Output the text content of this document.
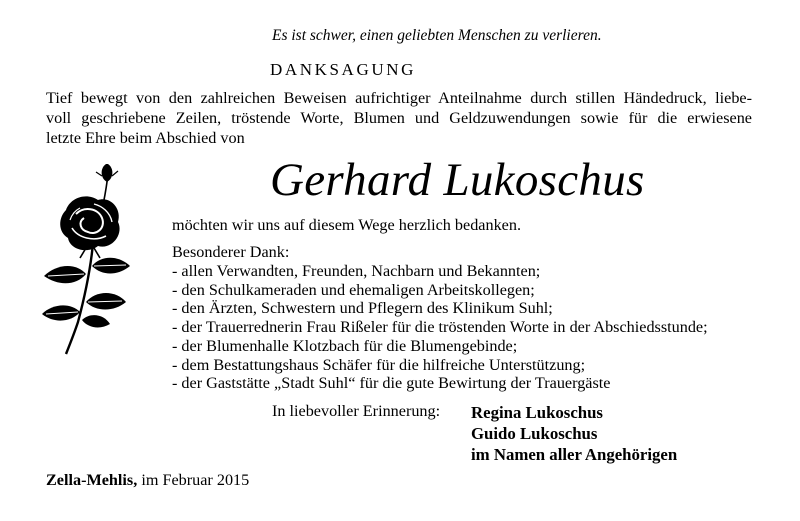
Es ist schwer, einen geliebten Menschen zu verlieren.
DANKSAGUNG
Tief bewegt von den zahlreichen Beweisen aufrichtiger Anteilnahme durch stillen Händedruck, liebe-
voll geschriebene Zeilen, tröstende Worte, Blumen und Geldzuwendungen sowie für die erwiesene
letzte Ehre beim Abschied von
Gerhard Lukoschus
möchten wir uns auf diesem Wege herzlich bedanken.
Besonderer Dank:
- allen Verwandten, Freunden, Nachbarn und Bekannten;
- den Schulkameraden und ehemaligen Arbeitskollegen;
- den Ärzten, Schwestern und Pflegern des Klinikum Suhl;
- der Trauerrednerin Frau Rißeler für die tröstenden Worte in der Abschiedsstunde;
- der Blumenhalle Klotzbach für die Blumengebinde;
- dem Bestattungshaus Schäfer für die hilfreiche Unterstützung;
- der Gaststätte „Stadt Suhl“ für die gute Bewirtung der Trauergäste
In liebevoller Erinnerung: Regina Lukoschus
Guido Lukoschus
im Namen aller Angehörigen
Zella-Mehlis, im Februar 2015
